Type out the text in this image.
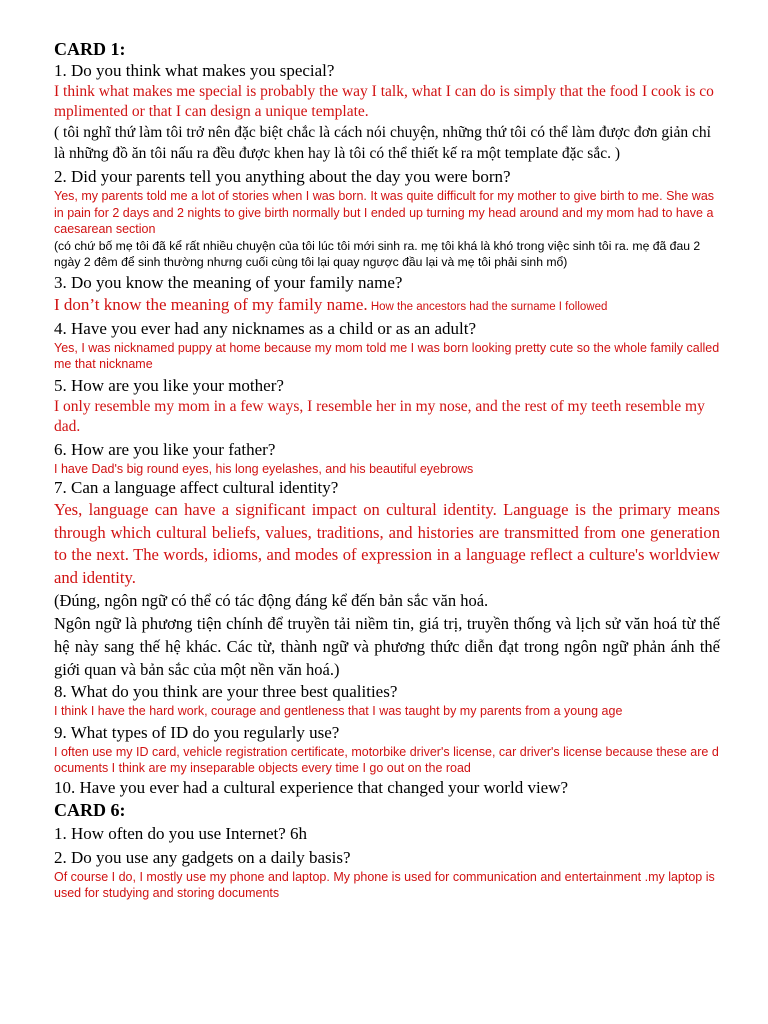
CARD 1:

1. Do you think what makes you special?

I think what makes me special is probably the way I talk, what I can do is simply that the food I cook is complimented or that I can design a unique template.

( tôi nghĩ thứ làm tôi trở nên đặc biệt chắc là cách nói chuyện, những thứ tôi có thể làm được đơn giản chỉ là những đồ ăn tôi nấu ra đều được khen hay là tôi có thể thiết kế ra một template đặc sắc. )

2. Did your parents tell you anything about the day you were born?

Yes, my parents told me a lot of stories when I was born. It was quite difficult for my mother to give birth to me. She was in pain for 2 days and 2 nights to give birth normally but I ended up turning my head around and my mom had to have a caesarean section

(có chứ bố mẹ tôi đã kể rất nhiều chuyện của tôi lúc tôi mới sinh ra. mẹ tôi khá là khó trong việc sinh tôi ra. mẹ đã đau 2 ngày 2 đêm để sinh thường nhưng cuối cùng tôi lại quay ngược đầu lại và mẹ tôi phải sinh mổ)

3. Do you know the meaning of your family name?

I don’t know the meaning of my family name. How the ancestors had the surname I followed

4. Have you ever had any nicknames as a child or as an adult?

Yes, I was nicknamed puppy at home because my mom told me I was born looking pretty cute so the whole family called me that nickname

5. How are you like your mother?

I only resemble my mom in a few ways, I resemble her in my nose, and the rest of my teeth resemble my dad.

6. How are you like your father?

I have Dad's big round eyes, his long eyelashes, and his beautiful eyebrows

7. Can a language affect cultural identity?

Yes, language can have a significant impact on cultural identity. Language is the primary means through which cultural beliefs, values, traditions, and histories are transmitted from one generation to the next. The words, idioms, and modes of expression in a language reflect a culture's worldview and identity.

(Đúng, ngôn ngữ có thể có tác động đáng kể đến bản sắc văn hoá.

Ngôn ngữ là phương tiện chính để truyền tải niềm tin, giá trị, truyền thống và lịch sử văn hoá từ thế hệ này sang thế hệ khác. Các từ, thành ngữ và phương thức diễn đạt trong ngôn ngữ phản ánh thế giới quan và bản sắc của một nền văn hoá.)

8. What do you think are your three best qualities?

I think I have the hard work, courage and gentleness that I was taught by my parents from a young age

9. What types of ID do you regularly use?

I often use my ID card, vehicle registration certificate, motorbike driver's license, car driver's license because these are documents I think are my inseparable objects every time I go out on the road

10. Have you ever had a cultural experience that changed your world view?

CARD 6:

1. How often do you use Internet? 6h

2. Do you use any gadgets on a daily basis?

Of course I do, I mostly use my phone and laptop. My phone is used for communication and entertainment .my laptop is used for studying and storing documents
